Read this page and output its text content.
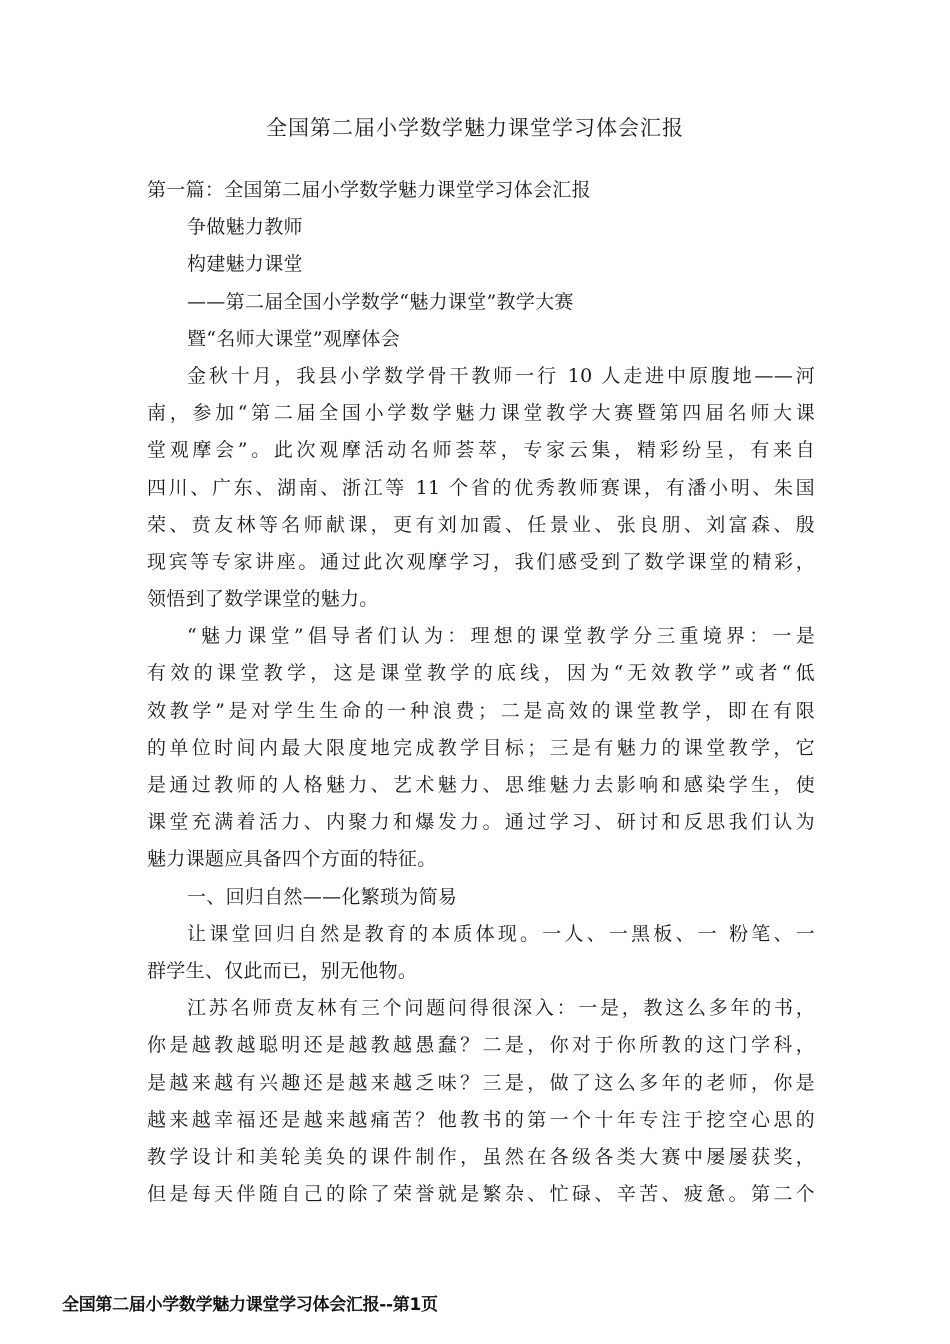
全国第二届小学数学魅力课堂学习体会汇报
第一篇：全国第二届小学数学魅力课堂学习体会汇报
争做魅力教师
构建魅力课堂
——第二届全国小学数学“魅力课堂”教学大赛
暨“名师大课堂”观摩体会
金秋十月，我县小学数学骨干教师一行 10 人走进中原腹地——河
南，参加“第二届全国小学数学魅力课堂教学大赛暨第四届名师大课
堂观摩会”。此次观摩活动名师荟萃，专家云集，精彩纷呈，有来自
四川、广东、湖南、浙江等 11 个省的优秀教师赛课，有潘小明、朱国
荣、贲友林等名师献课，更有刘加霞、任景业、张良朋、刘富森、殷
现宾等专家讲座。通过此次观摩学习，我们感受到了数学课堂的精彩，
领悟到了数学课堂的魅力。
“魅力课堂”倡导者们认为：理想的课堂教学分三重境界：一是
有效的课堂教学，这是课堂教学的底线，因为“无效教学”或者“低
效教学”是对学生生命的一种浪费；二是高效的课堂教学，即在有限
的单位时间内最大限度地完成教学目标；三是有魅力的课堂教学，它
是通过教师的人格魅力、艺术魅力、思维魅力去影响和感染学生，使
课堂充满着活力、内聚力和爆发力。通过学习、研讨和反思我们认为
魅力课题应具备四个方面的特征。
一、回归自然——化繁琐为简易
让课堂回归自然是教育的本质体现。一人、一黑板、一 粉笔、一
群学生、仅此而已，别无他物。
江苏名师贲友林有三个问题问得很深入：一是，教这么多年的书，
你是越教越聪明还是越教越愚蠢？二是，你对于你所教的这门学科，
是越来越有兴趣还是越来越乏味？三是，做了这么多年的老师，你是
越来越幸福还是越来越痛苦？他教书的第一个十年专注于挖空心思的
教学设计和美轮美奂的课件制作，虽然在各级各类大赛中屡屡获奖，
但是每天伴随自己的除了荣誉就是繁杂、忙碌、辛苦、疲惫。第二个
全国第二届小学数学魅力课堂学习体会汇报--第1页
